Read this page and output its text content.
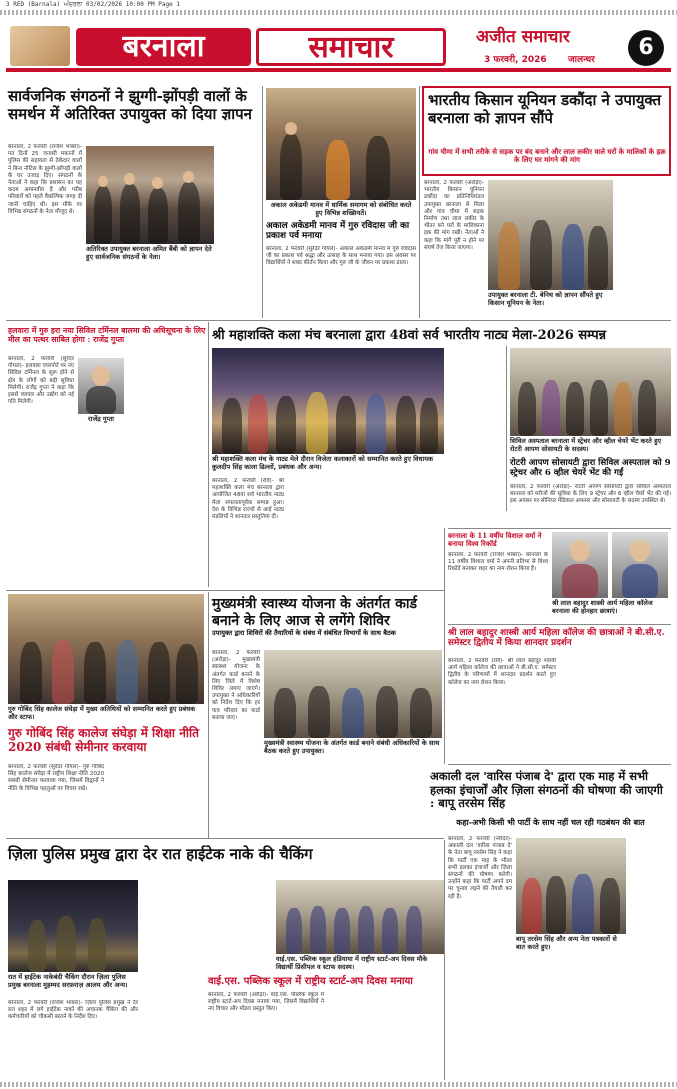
3 RED (Barnala) ਅੰਦਰਲਾ 03/02/2026 10:00 PM Page 1
बरनाला	समाचार	अजीत समाचार
3 फरवरी, 2026 जालन्धर	6
सार्वजनिक संगठनों ने झुग्गी-झोंपड़ी वालों के समर्थन में अतिरिक्त उपायुक्त को दिया ज्ञापन
बरनाला, 2 फरवरी (राजेश भांबरा)- गत दिनों 25 जनवरी मकानों में पुलिस की सहायता से ठेकेदार वालों ने बिना नोटिस के झुग्गी-झोंपड़ी वालों के घर उजाड़ दिए। संगठनों के नेताओं ने कहा कि प्रशासन का यह कदम अमानवीय है और गरीब परिवारों को पहले वैकल्पिक जगह दी जानी चाहिए थी। इस मौके पर विभिन्न संगठनों के नेता मौजूद थे।
अतिरिक्त उपायुक्त बरनाला अमित बैंबी को ज्ञापन देते हुए सार्वजनिक संगठनों के नेता।
अकाल अकेडमी मानव में धार्मिक समागम को संबोधित करते हुए विभिन्न शख्सियतें।
अकाल अकेडमी मानव में गुरु रविदास जी का प्रकाश पर्व मनाया
बरनाला, 2 फरवरी (सुरेंदर गोयल)- अकाल अकेडमी मानव में गुरु रविदास जी का प्रकाश पर्व श्रद्धा और उत्साह के साथ मनाया गया। इस अवसर पर विद्यार्थियों ने शबद कीर्तन किया और गुरु जी के जीवन पर प्रकाश डाला।
भारतीय किसान यूनियन डकौंदा ने उपायुक्त बरनाला को ज्ञापन सौंपे
गांव चीमा में सभी तरीके से सड़क पर बंद बनाने और लाल लकीर वाले घरों के मालिकों के हक़ के लिए घर मांगने की मांग
बरनाला, 2 फरवरी (अरोड़ा)- भारतीय किसान यूनियन डकौंदा का प्रतिनिधिमंडल उपायुक्त बरनाला से मिला और गांव चीमा में सड़क निर्माण तथा लाल लकीर के भीतर बने घरों के मालिकाना हक़ की मांग रखी। नेताओं ने कहा कि मांगें पूरी न होने पर संघर्ष तेज किया जाएगा।
उपायुक्त बरनाला टी. बेनिथ को ज्ञापन सौंपते हुए किसान यूनियन के नेता।
हलवारा में गुरु हरा नया सिविल टर्मिनल बालमा की अधिसूचना के लिए मील का पत्थर साबित होगा : राजेंद्र गुप्ता
बरनाला, 2 फरवरी (सुरेंदर गोयल)- हलवारा एयरपोर्ट पर नए सिविल टर्मिनल के शुरू होने से क्षेत्र के लोगों को बड़ी सुविधा मिलेगी। राजेंद्र गुप्ता ने कहा कि इससे व्यापार और उद्योग को नई गति मिलेगी।
राजेंद्र गुप्ता
श्री महाशक्ति कला मंच बरनाला द्वारा 48वां सर्व भारतीय नाट्य मेला-2026 सम्पन्न
श्री महाशक्ति कला मंच के नाट्य मेले दौरान विजेता कलाकारों को सम्मानित करते हुए विधायक कुलदीप सिंह काला ढिल्लों, प्रबंधक और अन्य।
बरनाला, 2 फरवरी (रवि)- श्री महाशक्ति कला मंच बरनाला द्वारा आयोजित 48वां सर्व भारतीय नाट्य मेला सफलतापूर्वक सम्पन्न हुआ। देश के विभिन्न राज्यों से आई नाट्य मंडलियों ने शानदार प्रस्तुतियां दीं।
सिविल अस्पताल बरनाला में स्ट्रेचर और व्हील चेयरें भेंट करते हुए रोटरी आपण सोसायटी के सदस्य।
रोटरी आपण सोसायटी द्वारा सिविल अस्पताल को 9 स्ट्रेचर और 6 व्हील चेयरें भेंट की गईं
बरनाला, 2 फरवरी (अरोड़ा)- रोटरी आपण सोसायटी द्वारा सिविल अस्पताल बरनाला को मरीजों की सुविधा के लिए 9 स्ट्रेचर और 6 व्हील चेयरें भेंट की गईं। इस अवसर पर सीनियर मेडिकल अफसर और सोसायटी के सदस्य उपस्थित थे।
बरनाला के 11 वर्षीय विशाल वर्मा ने बनाया विश्व रिकॉर्ड
बरनाला, 2 फरवरी (राजेश भांबरा)- बरनाला के 11 वर्षीय विशाल वर्मा ने अपनी प्रतिभा से विश्व रिकॉर्ड बनाकर शहर का नाम रोशन किया है।
श्री लाल बहादुर शास्त्री आर्य महिला कॉलेज बरनाला की होनहार छात्राएं।
श्री लाल बहादुर शास्त्री आर्य महिला कॉलेज की छात्राओं ने बी.सी.ए. समेस्टर द्वितीय में किया शानदार प्रदर्शन
बरनाला, 2 फरवरी (रवि)- श्री लाल बहादुर शास्त्री आर्य महिला कॉलेज की छात्राओं ने बी.सी.ए. समेस्टर द्वितीय के परिणामों में शानदार प्रदर्शन करते हुए कॉलेज का नाम रोशन किया।
गुरु गोबिंद सिंह कालेज संघेड़ा में मुख्य अतिथियों को सम्मानित करते हुए प्रबंधक और स्टाफ।
गुरु गोबिंद सिंह कालेज संघेड़ा में शिक्षा नीति 2020 संबंधी सेमीनार करवाया
बरनाला, 2 फरवरी (सुरेंदर गोयल)- गुरु गोबिंद सिंह कालेज संघेड़ा में राष्ट्रीय शिक्षा नीति 2020 संबंधी सेमीनार करवाया गया, जिसमें विद्वानों ने नीति के विभिन्न पहलुओं पर विचार रखे।
मुख्यमंत्री स्वास्थ्य योजना के अंतर्गत कार्ड बनाने के लिए आज से लगेंगे शिविर
उपायुक्त द्वारा शिविरों की तैयारियों के संबंध में संबंधित विभागों के साथ बैठक
बरनाला, 2 फरवरी (अरोड़ा)- मुख्यमंत्री स्वास्थ्य योजना के अंतर्गत कार्ड बनाने के लिए जिले में विशेष शिविर लगाए जाएंगे। उपायुक्त ने अधिकारियों को निर्देश दिए कि हर पात्र परिवार का कार्ड बनाया जाए।
मुख्यमंत्री स्वास्थ्य योजना के अंतर्गत कार्ड बनाने संबंधी अधिकारियों के साथ बैठक करते हुए उपायुक्त।
अकाली दल 'वारिस पंजाब दे' द्वारा एक माह में सभी हलका इंचार्जों और ज़िला संगठनों की घोषणा की जाएगी : बापू तरसेम सिंह
कहा-अभी किसी भी पार्टी के साथ नहीं चल रही गठबंधन की बात
बरनाला, 2 फरवरी (नरिंदर)- अकाली दल 'वारिस पंजाब दे' के नेता बापू तरसेम सिंह ने कहा कि पार्टी एक माह के भीतर सभी हलका इंचार्जों और ज़िला संगठनों की घोषणा करेगी। उन्होंने कहा कि पार्टी अपने दम पर चुनाव लड़ने की तैयारी कर रही है।
बापू तरसेम सिंह और अन्य नेता पत्रकारों से बात करते हुए।
ज़िला पुलिस प्रमुख द्वारा देर रात हाईटेक नाके की चैकिंग
रात में हाईटेक नाकेबंदी चैकिंग दौरान ज़िला पुलिस प्रमुख बरनाला मुहम्मद सरफ़राज़ आलम और अन्य।
बरनाला, 2 फरवरी (राजेश भांबरा)- ज़िला पुलिस प्रमुख ने देर रात शहर में लगे हाईटेक नाकों की अचानक चैकिंग की और कर्मचारियों को चौकसी बरतने के निर्देश दिए।
वाई.एस. पब्लिक स्कूल हंडियाया में राष्ट्रीय स्टार्ट-अप दिवस मौके विद्यार्थी प्रिंसीपल व स्टाफ सदस्य।
वाई.एस. पब्लिक स्कूल में राष्ट्रीय स्टार्ट-अप दिवस मनाया
बरनाला, 2 फरवरी (अरोड़ा)- वाई.एस. पब्लिक स्कूल में राष्ट्रीय स्टार्ट-अप दिवस मनाया गया, जिसमें विद्यार्थियों ने नए विचार और मॉडल प्रस्तुत किए।
